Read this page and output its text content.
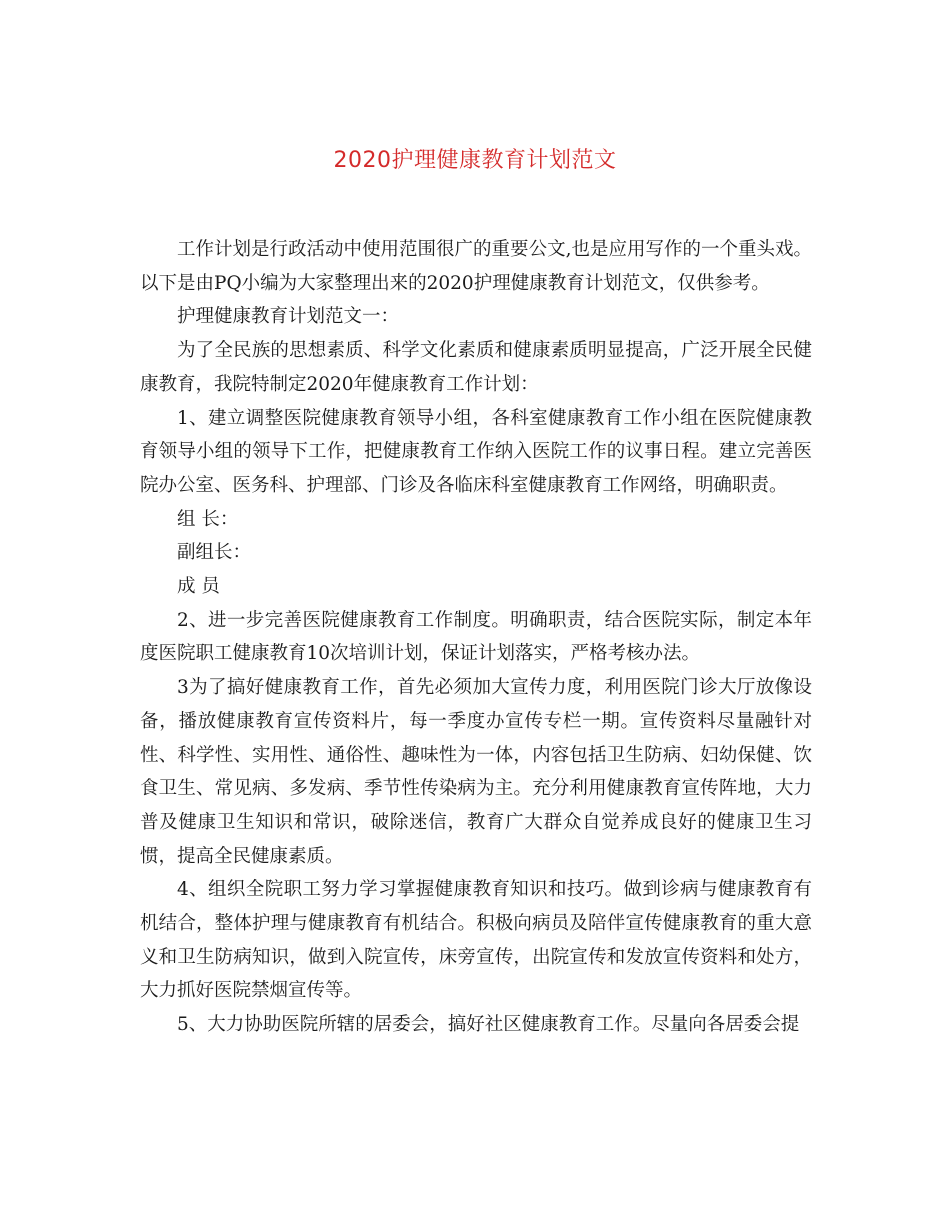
2020护理健康教育计划范文

工作计划是行政活动中使用范围很广的重要公文,也是应用写作的一个重头戏。以下是由PQ小编为大家整理出来的2020护理健康教育计划范文，仅供参考。

护理健康教育计划范文一：

为了全民族的思想素质、科学文化素质和健康素质明显提高，广泛开展全民健康教育，我院特制定2020年健康教育工作计划：

1、建立调整医院健康教育领导小组，各科室健康教育工作小组在医院健康教育领导小组的领导下工作，把健康教育工作纳入医院工作的议事日程。建立完善医院办公室、医务科、护理部、门诊及各临床科室健康教育工作网络，明确职责。

组 长：

副组长：

成 员

2、进一步完善医院健康教育工作制度。明确职责，结合医院实际，制定本年度医院职工健康教育10次培训计划，保证计划落实，严格考核办法。

3为了搞好健康教育工作，首先必须加大宣传力度，利用医院门诊大厅放像设备，播放健康教育宣传资料片，每一季度办宣传专栏一期。宣传资料尽量融针对性、科学性、实用性、通俗性、趣味性为一体，内容包括卫生防病、妇幼保健、饮食卫生、常见病、多发病、季节性传染病为主。充分利用健康教育宣传阵地，大力普及健康卫生知识和常识，破除迷信，教育广大群众自觉养成良好的健康卫生习惯，提高全民健康素质。

4、组织全院职工努力学习掌握健康教育知识和技巧。做到诊病与健康教育有机结合，整体护理与健康教育有机结合。积极向病员及陪伴宣传健康教育的重大意义和卫生防病知识，做到入院宣传，床旁宣传，出院宣传和发放宣传资料和处方，大力抓好医院禁烟宣传等。

5、大力协助医院所辖的居委会，搞好社区健康教育工作。尽量向各居委会提
